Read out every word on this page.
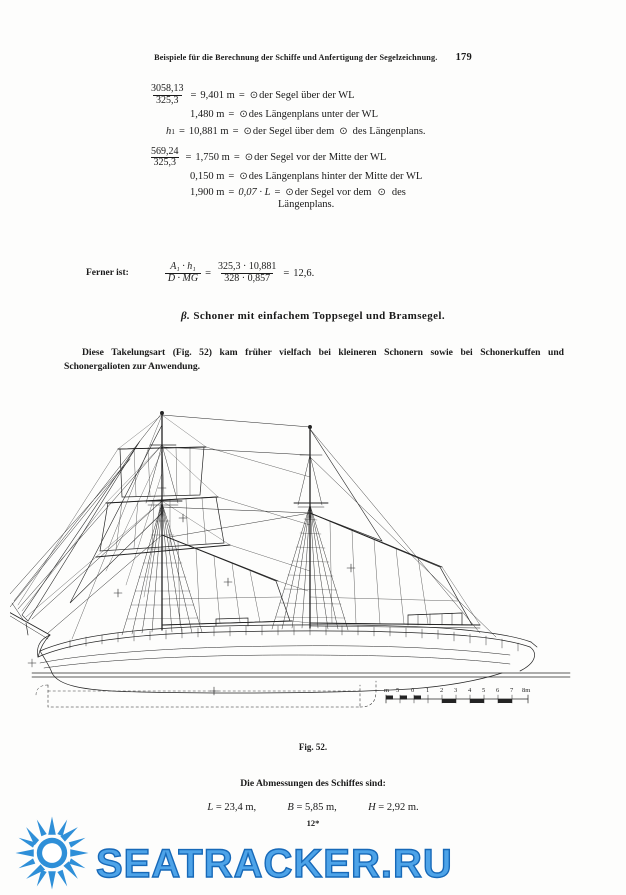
Beispiele für die Berechnung der Schiffe und Anfertigung der Segelzeichnung. 179
$\frac{3058,13}{325,3} = 9,401$ m = ⊙ der Segel über der WL
1,480 m = ⊙ des Längenplans unter der WL
h 1 = 10,881 m = ⊙ der Segel über dem ⊙ des Längenplans.
$\frac{569,24}{325,3} = 1,750$ m = ⊙ der Segel vor der Mitte der WL
0,150 m = ⊙ des Längenplans hinter der Mitte der WL
1,900 m = 0,07 · L = ⊙ der Segel vor dem ⊙ des
Längenplans.
Ferner ist:	$\frac{\text{A₁ · h₁}}{D \cdot MG} = \frac{325,3 \cdot 10,881}{328 \cdot 0,857} = 12,6$.
β. Schoner mit einfachem Toppsegel und Bramsegel.
Diese Takelungsart (Fig. 52) kam früher vielfach bei kleineren Schonern sowie bei Schonerkuffen und Schonergalioten zur Anwendung.
m 5 0 1 2 3 4 5 6 7 8m
Fig. 52.
Die Abmessungen des Schiffes sind:
L = 23,4 m,	B = 5,85 m,	H = 2,92 m.
12*
SEATRACKER.RU
